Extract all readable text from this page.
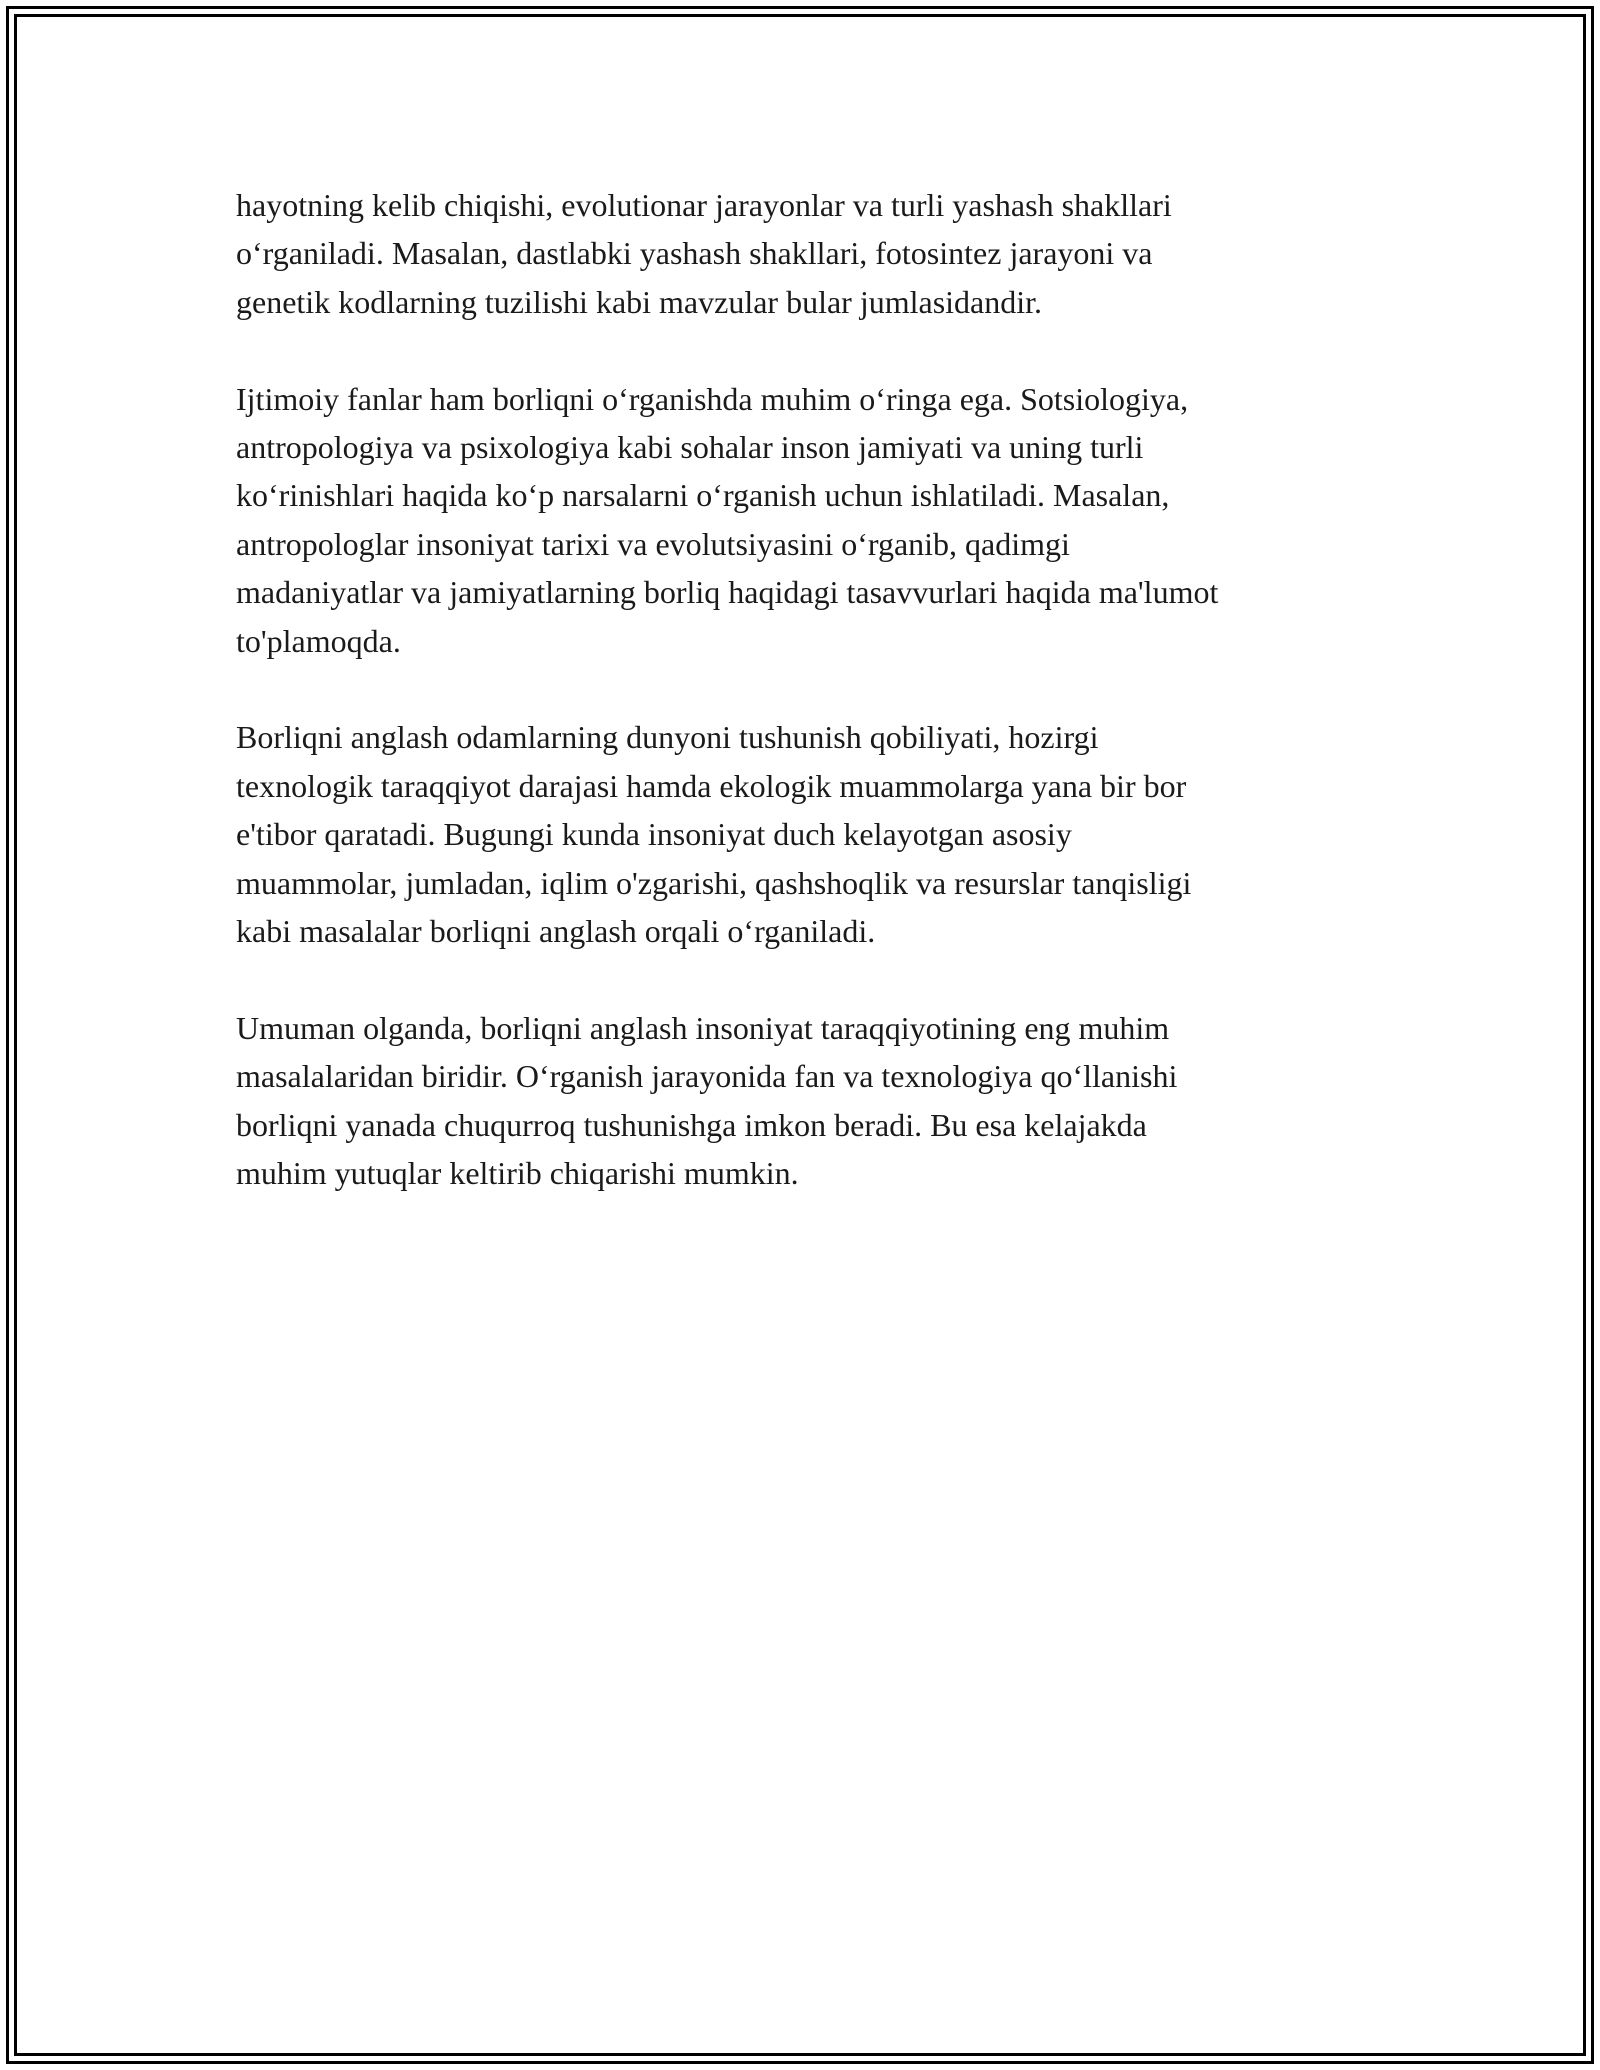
hayotning kelib chiqishi, evolutionar jarayonlar va turli yashash shakllari
o‘rganiladi. Masalan, dastlabki yashash shakllari, fotosintez jarayoni va
genetik kodlarning tuzilishi kabi mavzular bular jumlasidandir.

Ijtimoiy fanlar ham borliqni o‘rganishda muhim o‘ringa ega. Sotsiologiya,
antropologiya va psixologiya kabi sohalar inson jamiyati va uning turli
ko‘rinishlari haqida ko‘p narsalarni o‘rganish uchun ishlatiladi. Masalan,
antropologlar insoniyat tarixi va evolutsiyasini o‘rganib, qadimgi
madaniyatlar va jamiyatlarning borliq haqidagi tasavvurlari haqida ma'lumot
to'plamoqda.

Borliqni anglash odamlarning dunyoni tushunish qobiliyati, hozirgi
texnologik taraqqiyot darajasi hamda ekologik muammolarga yana bir bor
e'tibor qaratadi. Bugungi kunda insoniyat duch kelayotgan asosiy
muammolar, jumladan, iqlim o'zgarishi, qashshoqlik va resurslar tanqisligi
kabi masalalar borliqni anglash orqali o‘rganiladi.

Umuman olganda, borliqni anglash insoniyat taraqqiyotining eng muhim
masalalaridan biridir. O‘rganish jarayonida fan va texnologiya qo‘llanishi
borliqni yanada chuqurroq tushunishga imkon beradi. Bu esa kelajakda
muhim yutuqlar keltirib chiqarishi mumkin.
